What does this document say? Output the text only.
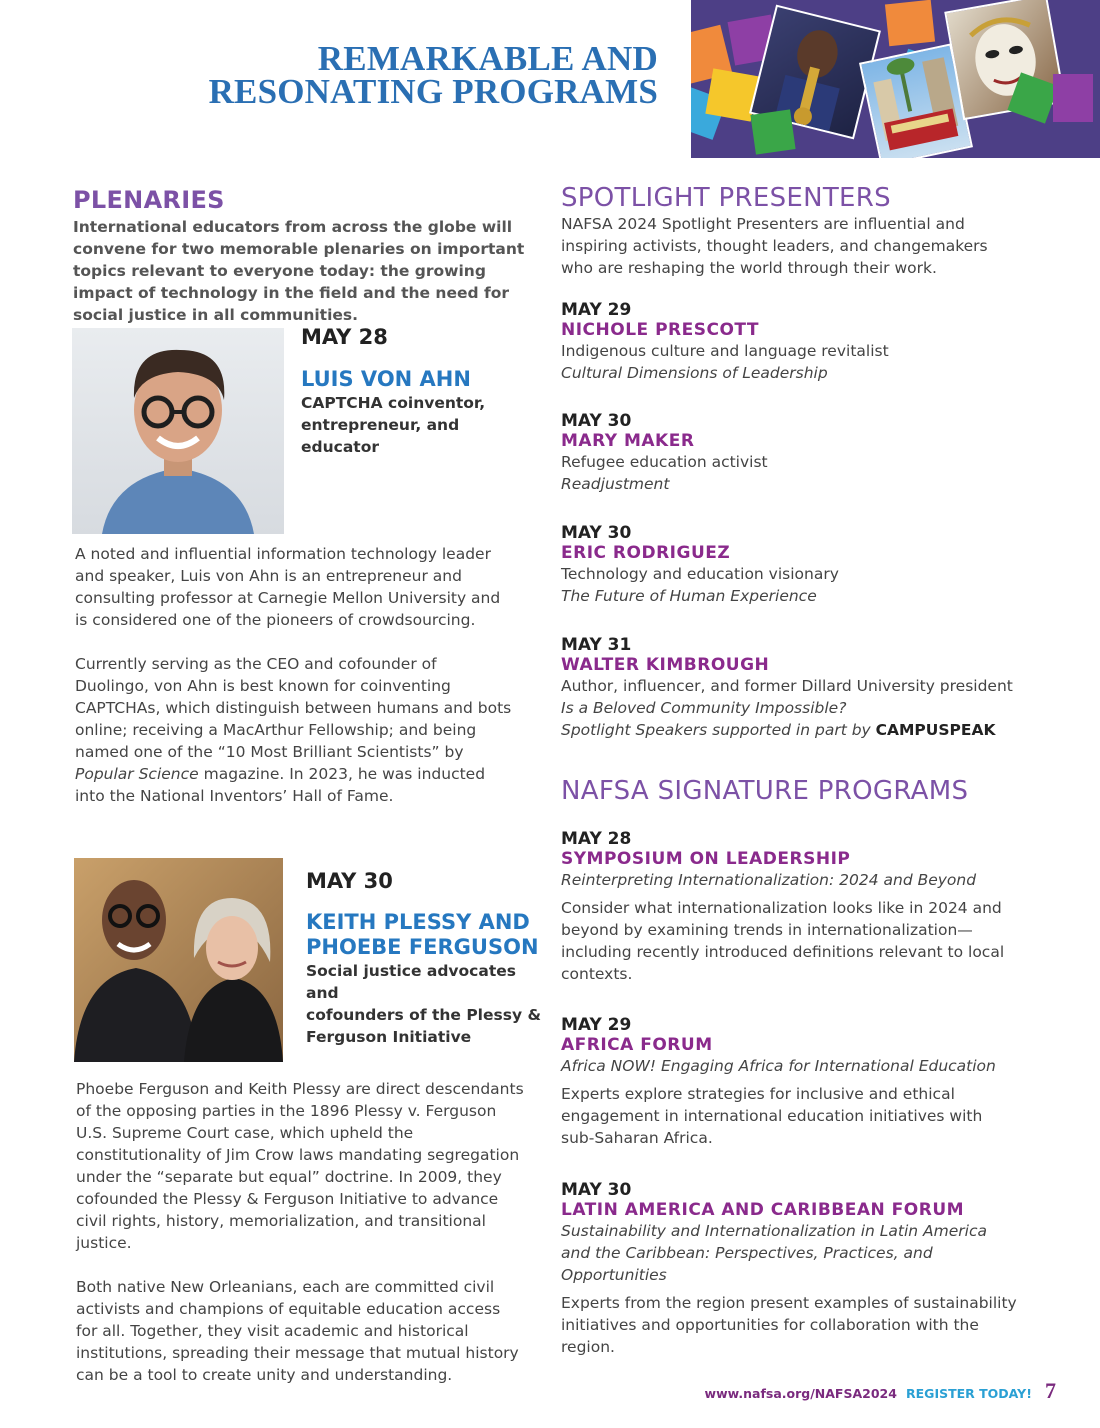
REMARKABLE AND
RESONATING PROGRAMS
PLENARIES
International educators from across the globe will convene for two memorable plenaries on important topics relevant to everyone today: the growing impact of technology in the field and the need for social justice in all communities.
MAY 28
LUIS VON AHN
CAPTCHA coinventor,
entrepreneur, and
educator
A noted and influential information technology leader and speaker, Luis von Ahn is an entrepreneur and consulting professor at Carnegie Mellon University and is considered one of the pioneers of crowdsourcing.
Currently serving as the CEO and cofounder of Duolingo, von Ahn is best known for coinventing CAPTCHAs, which distinguish between humans and bots online; receiving a MacArthur Fellowship; and being named one of the “10 Most Brilliant Scientists” by Popular Science magazine. In 2023, he was inducted into the National Inventors’ Hall of Fame.
MAY 30
KEITH PLESSY AND
PHOEBE FERGUSON
Social justice advocates and
cofounders of the Plessy &
Ferguson Initiative
Phoebe Ferguson and Keith Plessy are direct descendants of the opposing parties in the 1896 Plessy v. Ferguson U.S. Supreme Court case, which upheld the constitutionality of Jim Crow laws mandating segregation under the “separate but equal” doctrine. In 2009, they cofounded the Plessy & Ferguson Initiative to advance civil rights, history, memorialization, and transitional justice.
Both native New Orleanians, each are committed civil activists and champions of equitable education access for all. Together, they visit academic and historical institutions, spreading their message that mutual history can be a tool to create unity and understanding.
SPOTLIGHT PRESENTERS
NAFSA 2024 Spotlight Presenters are influential and inspiring activists, thought leaders, and changemakers who are reshaping the world through their work.
MAY 29
NICHOLE PRESCOTT
Indigenous culture and language revitalist
Cultural Dimensions of Leadership
MAY 30
MARY MAKER
Refugee education activist
Readjustment
MAY 30
ERIC RODRIGUEZ
Technology and education visionary
The Future of Human Experience
MAY 31
WALTER KIMBROUGH
Author, influencer, and former Dillard University president
Is a Beloved Community Impossible?
Spotlight Speakers supported in part by CAMPUSPEAK
NAFSA SIGNATURE PROGRAMS
MAY 28
SYMPOSIUM ON LEADERSHIP
Reinterpreting Internationalization: 2024 and Beyond
Consider what internationalization looks like in 2024 and beyond by examining trends in internationalization—including recently introduced definitions relevant to local contexts.
MAY 29
AFRICA FORUM
Africa NOW! Engaging Africa for International Education
Experts explore strategies for inclusive and ethical engagement in international education initiatives with sub-Saharan Africa.
MAY 30
LATIN AMERICA AND CARIBBEAN FORUM
Sustainability and Internationalization in Latin America and the Caribbean: Perspectives, Practices, and Opportunities
Experts from the region present examples of sustainability initiatives and opportunities for collaboration with the region.
www.nafsa.org/NAFSA2024 REGISTER TODAY! 7
